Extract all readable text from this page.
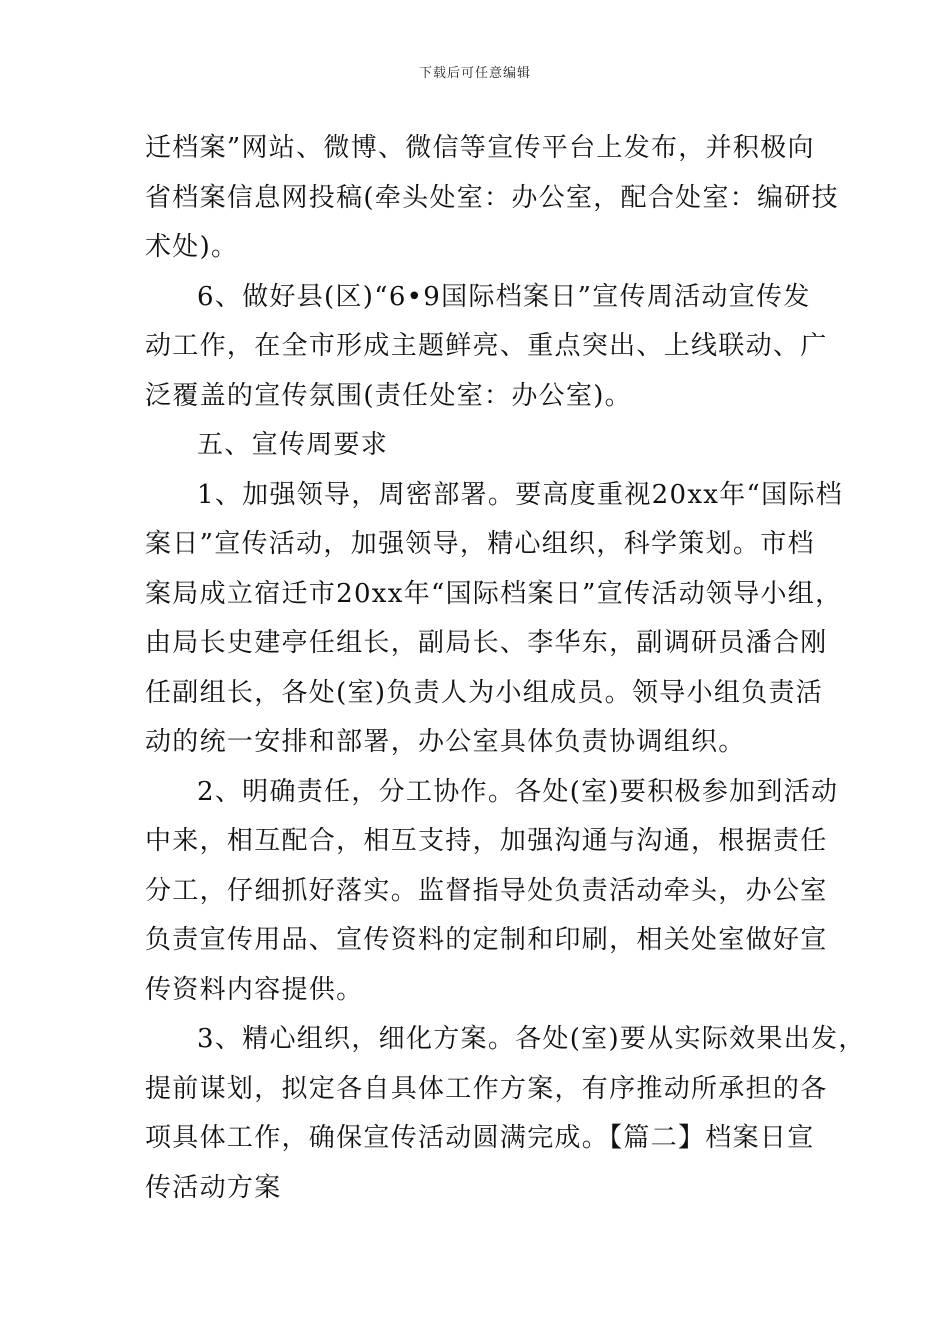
下载后可任意编辑
迁档案”网站、微博、微信等宣传平台上发布，并积极向
省档案信息网投稿(牵头处室：办公室，配合处室：编研技
术处)。
6、做好县(区)“6•9国际档案日”宣传周活动宣传发
动工作，在全市形成主题鲜亮、重点突出、上线联动、广
泛覆盖的宣传氛围(责任处室：办公室)。
五、宣传周要求
1、加强领导，周密部署。要高度重视20xx年“国际档
案日”宣传活动，加强领导，精心组织，科学策划。市档
案局成立宿迁市20xx年“国际档案日”宣传活动领导小组，
由局长史建亭任组长，副局长、李华东，副调研员潘合刚
任副组长，各处(室)负责人为小组成员。领导小组负责活
动的统一安排和部署，办公室具体负责协调组织。
2、明确责任，分工协作。各处(室)要积极参加到活动
中来，相互配合，相互支持，加强沟通与沟通，根据责任
分工，仔细抓好落实。监督指导处负责活动牵头，办公室
负责宣传用品、宣传资料的定制和印刷，相关处室做好宣
传资料内容提供。
3、精心组织，细化方案。各处(室)要从实际效果出发，
提前谋划，拟定各自具体工作方案，有序推动所承担的各
项具体工作，确保宣传活动圆满完成。【篇二】档案日宣
传活动方案
